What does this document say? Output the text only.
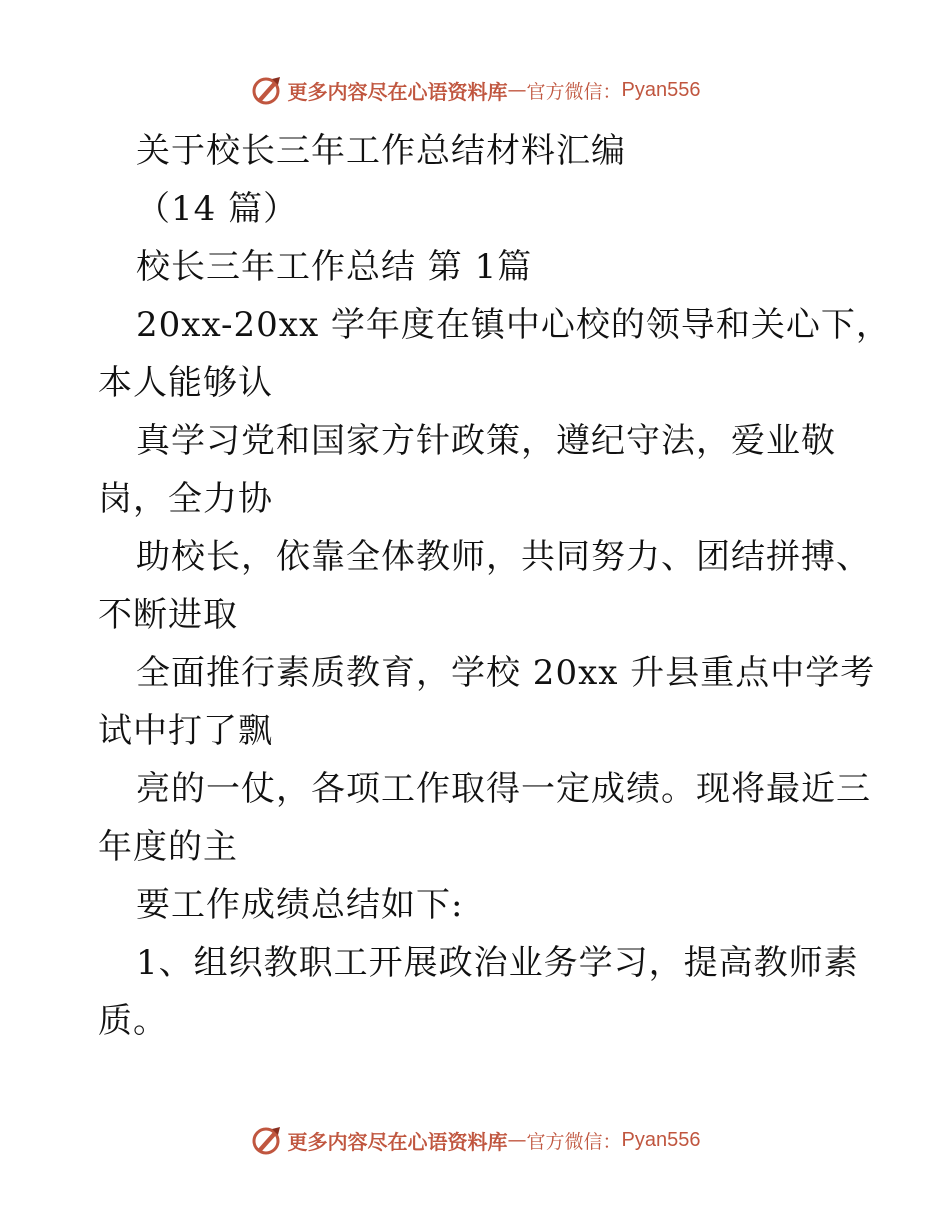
更多内容尽在心语资料库 — 官方微信： Pyan556
关于校长三年工作总结材料汇编
（14 篇）
校长三年工作总结 第 1篇
20xx-20xx 学年度在镇中心校的领导和关心下，
本人能够认
真学习党和国家方针政策，遵纪守法，爱业敬
岗，全力协
助校长，依靠全体教师，共同努力、团结拼搏、
不断进取
全面推行素质教育，学校 20xx 升县重点中学考
试中打了飘
亮的一仗，各项工作取得一定成绩。现将最近三
年度的主
要工作成绩总结如下:
1、组织教职工开展政治业务学习，提高教师素
质。
更多内容尽在心语资料库 — 官方微信： Pyan556
